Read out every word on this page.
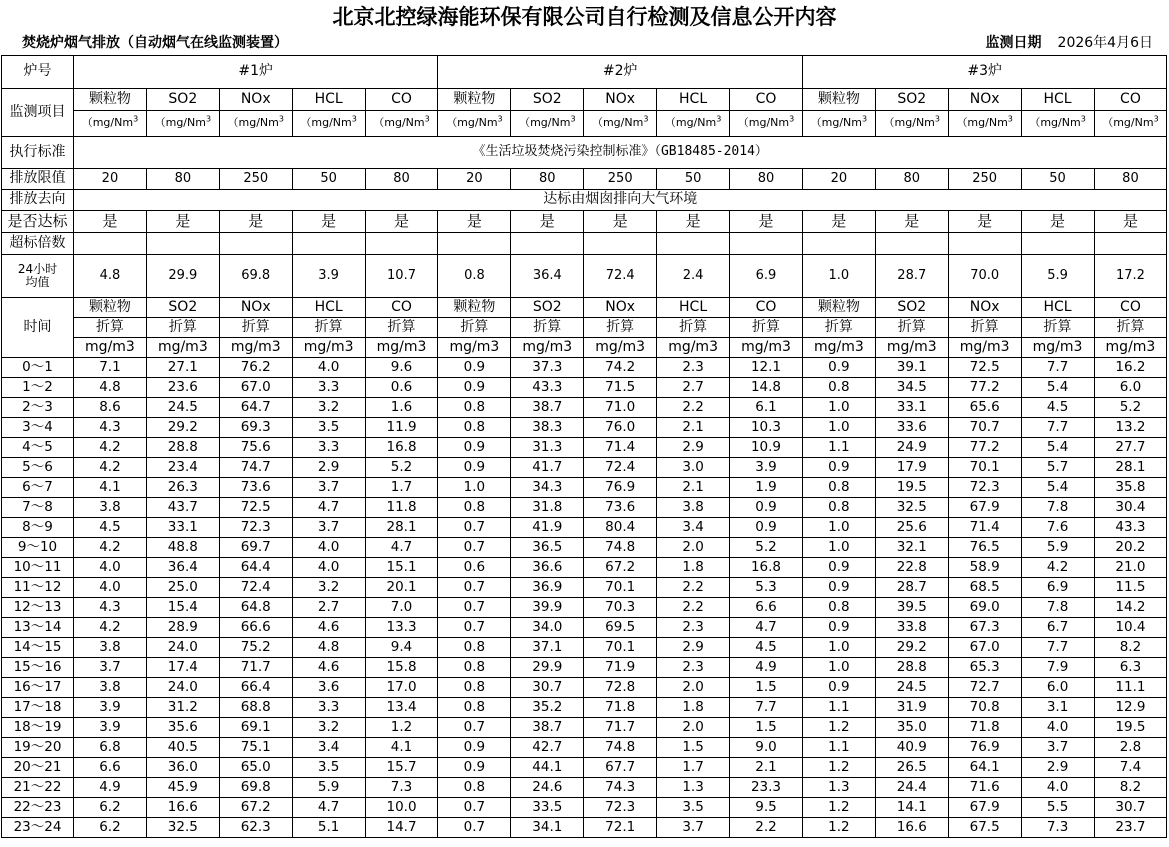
北京北控绿海能环保有限公司自行检测及信息公开内容
焚烧炉烟气排放（自动烟气在线监测装置）	监测日期 2026年4月6日
炉号	#1炉					#2炉					#3炉				
监测项目	颗粒物	SO2	NOx	HCL	CO	颗粒物	SO2	NOx	HCL	CO	颗粒物	SO2	NOx	HCL	CO
	（mg/Nm$^3$	（mg/Nm$^3$	（mg/Nm$^3$	（mg/Nm$^3$	（mg/Nm$^3$	（mg/Nm$^3$	（mg/Nm$^3$	（mg/Nm$^3$	（mg/Nm$^3$	（mg/Nm$^3$	（mg/Nm$^3$	（mg/Nm$^3$	（mg/Nm$^3$	（mg/Nm$^3$	（mg/Nm$^3$
执行标准	《生活垃圾焚烧污染控制标准》（GB18485-2014）														
排放限值	20	80	250	50	80	20	80	250	50	80	20	80	250	50	80
排放去向	达标由烟囱排向大气环境														
是否达标	是	是	是	是	是	是	是	是	是	是	是	是	是	是	是
超标倍数															
24小时
均值	4.8	29.9	69.8	3.9	10.7	0.8	36.4	72.4	2.4	6.9	1.0	28.7	70.0	5.9	17.2
时间	颗粒物	SO2	NOx	HCL	CO	颗粒物	SO2	NOx	HCL	CO	颗粒物	SO2	NOx	HCL	CO
	折算	折算	折算	折算	折算	折算	折算	折算	折算	折算	折算	折算	折算	折算	折算
	mg/m3	mg/m3	mg/m3	mg/m3	mg/m3	mg/m3	mg/m3	mg/m3	mg/m3	mg/m3	mg/m3	mg/m3	mg/m3	mg/m3	mg/m3
0～1	7.1	27.1	76.2	4.0	9.6	0.9	37.3	74.2	2.3	12.1	0.9	39.1	72.5	7.7	16.2
1～2	4.8	23.6	67.0	3.3	0.6	0.9	43.3	71.5	2.7	14.8	0.8	34.5	77.2	5.4	6.0
2～3	8.6	24.5	64.7	3.2	1.6	0.8	38.7	71.0	2.2	6.1	1.0	33.1	65.6	4.5	5.2
3～4	4.3	29.2	69.3	3.5	11.9	0.8	38.3	76.0	2.1	10.3	1.0	33.6	70.7	7.7	13.2
4～5	4.2	28.8	75.6	3.3	16.8	0.9	31.3	71.4	2.9	10.9	1.1	24.9	77.2	5.4	27.7
5～6	4.2	23.4	74.7	2.9	5.2	0.9	41.7	72.4	3.0	3.9	0.9	17.9	70.1	5.7	28.1
6～7	4.1	26.3	73.6	3.7	1.7	1.0	34.3	76.9	2.1	1.9	0.8	19.5	72.3	5.4	35.8
7～8	3.8	43.7	72.5	4.7	11.8	0.8	31.8	73.6	3.8	0.9	0.8	32.5	67.9	7.8	30.4
8～9	4.5	33.1	72.3	3.7	28.1	0.7	41.9	80.4	3.4	0.9	1.0	25.6	71.4	7.6	43.3
9～10	4.2	48.8	69.7	4.0	4.7	0.7	36.5	74.8	2.0	5.2	1.0	32.1	76.5	5.9	20.2
10～11	4.0	36.4	64.4	4.0	15.1	0.6	36.6	67.2	1.8	16.8	0.9	22.8	58.9	4.2	21.0
11～12	4.0	25.0	72.4	3.2	20.1	0.7	36.9	70.1	2.2	5.3	0.9	28.7	68.5	6.9	11.5
12～13	4.3	15.4	64.8	2.7	7.0	0.7	39.9	70.3	2.2	6.6	0.8	39.5	69.0	7.8	14.2
13～14	4.2	28.9	66.6	4.6	13.3	0.7	34.0	69.5	2.3	4.7	0.9	33.8	67.3	6.7	10.4
14～15	3.8	24.0	75.2	4.8	9.4	0.8	37.1	70.1	2.9	4.5	1.0	29.2	67.0	7.7	8.2
15～16	3.7	17.4	71.7	4.6	15.8	0.8	29.9	71.9	2.3	4.9	1.0	28.8	65.3	7.9	6.3
16～17	3.8	24.0	66.4	3.6	17.0	0.8	30.7	72.8	2.0	1.5	0.9	24.5	72.7	6.0	11.1
17～18	3.9	31.2	68.8	3.3	13.4	0.8	35.2	71.8	1.8	7.7	1.1	31.9	70.8	3.1	12.9
18～19	3.9	35.6	69.1	3.2	1.2	0.7	38.7	71.7	2.0	1.5	1.2	35.0	71.8	4.0	19.5
19～20	6.8	40.5	75.1	3.4	4.1	0.9	42.7	74.8	1.5	9.0	1.1	40.9	76.9	3.7	2.8
20～21	6.6	36.0	65.0	3.5	15.7	0.9	44.1	67.7	1.7	2.1	1.2	26.5	64.1	2.9	7.4
21～22	4.9	45.9	69.8	5.9	7.3	0.8	24.6	74.3	1.3	23.3	1.3	24.4	71.6	4.0	8.2
22～23	6.2	16.6	67.2	4.7	10.0	0.7	33.5	72.3	3.5	9.5	1.2	14.1	67.9	5.5	30.7
23～24	6.2	32.5	62.3	5.1	14.7	0.7	34.1	72.1	3.7	2.2	1.2	16.6	67.5	7.3	23.7
